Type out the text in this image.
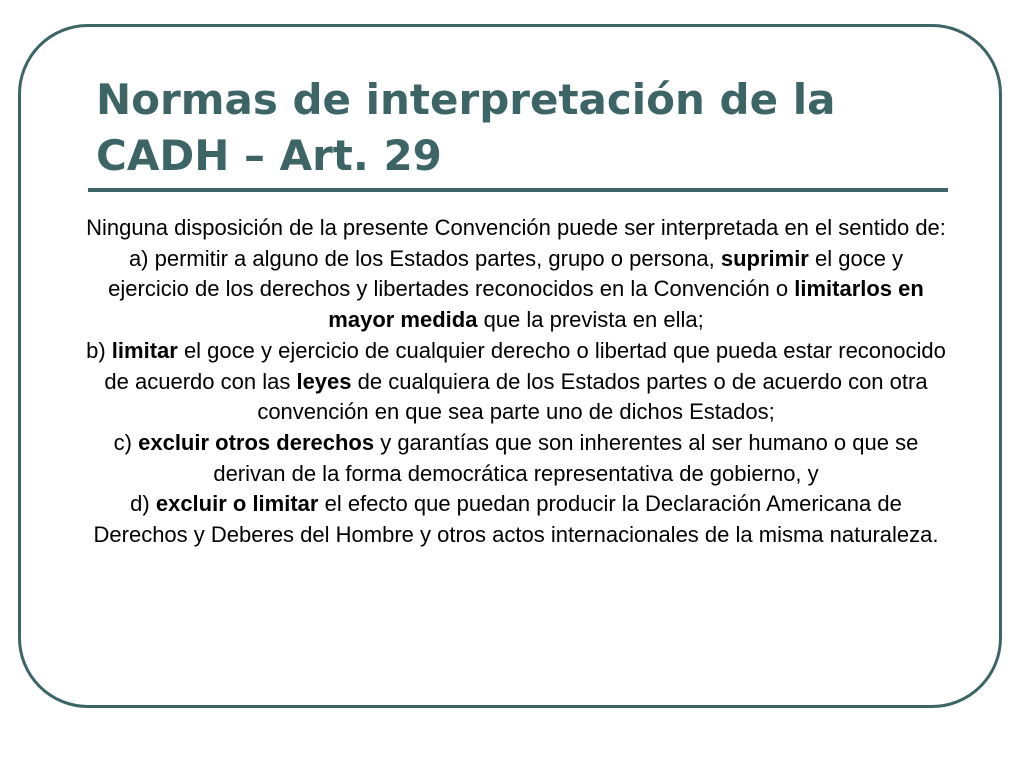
Normas de interpretación de la CADH – Art. 29

Ninguna disposición de la presente Convención puede ser interpretada en el sentido de:

a) permitir a alguno de los Estados partes, grupo o persona, suprimir el goce y ejercicio de los derechos y libertades reconocidos en la Convención o limitarlos en mayor medida que la prevista en ella;

b) limitar el goce y ejercicio de cualquier derecho o libertad que pueda estar reconocido de acuerdo con las leyes de cualquiera de los Estados partes o de acuerdo con otra convención en que sea parte uno de dichos Estados;

c) excluir otros derechos y garantías que son inherentes al ser humano o que se derivan de la forma democrática representativa de gobierno, y

d) excluir o limitar el efecto que puedan producir la Declaración Americana de Derechos y Deberes del Hombre y otros actos internacionales de la misma naturaleza.
